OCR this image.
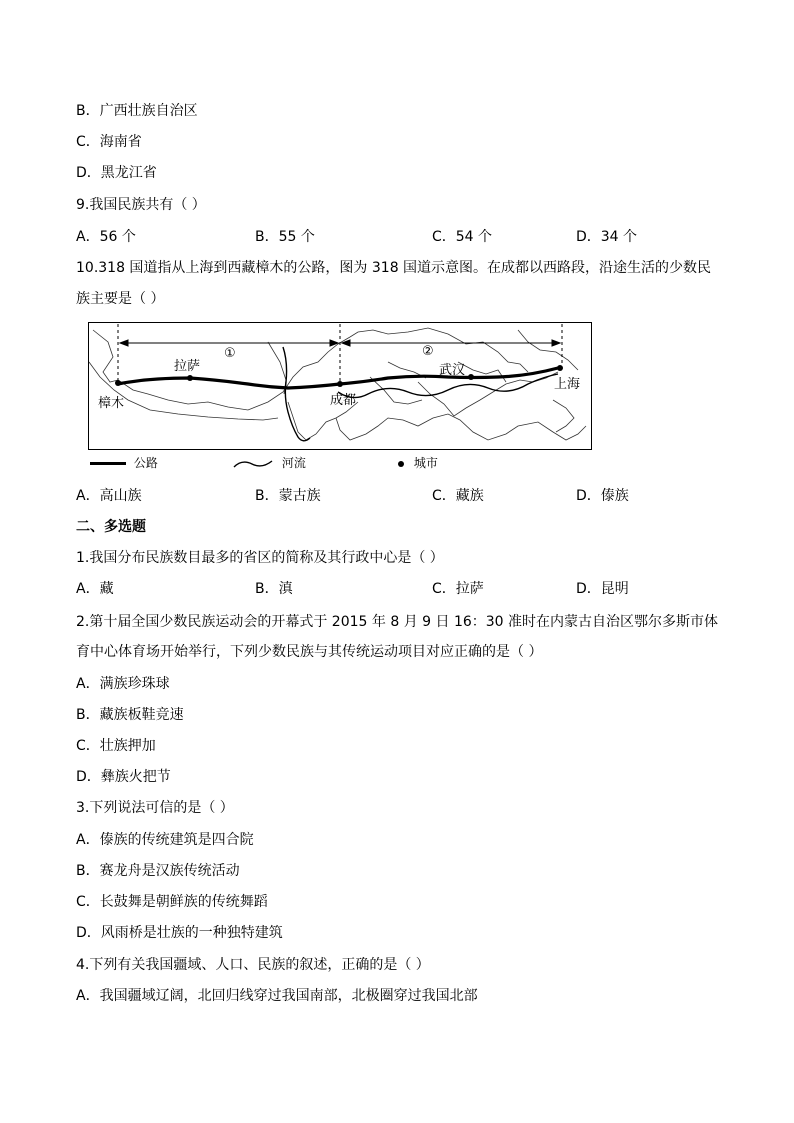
B．广西壮族自治区
C．海南省
D．黑龙江省
9.我国民族共有（ ）
A．56 个	B．55 个	C．54 个	D．34 个
10.318 国道指从上海到西藏樟木的公路，图为 318 国道示意图。在成都以西路段，沿途生活的少数民
族主要是（ ）
樟木
拉萨
成都
武汉
上海
①	②
公路	河流	城市
A．高山族	B．蒙古族	C．藏族	D．傣族
二、多选题
1.我国分布民族数目最多的省区的简称及其行政中心是（ ）
A．藏	B．滇	C．拉萨	D．昆明
2.第十届全国少数民族运动会的开幕式于 2015 年 8 月 9 日 16：30 准时在内蒙古自治区鄂尔多斯市体
育中心体育场开始举行，下列少数民族与其传统运动项目对应正确的是（ ）
A．满族珍珠球
B．藏族板鞋竞速
C．壮族押加
D．彝族火把节
3.下列说法可信的是（ ）
A．傣族的传统建筑是四合院
B．赛龙舟是汉族传统活动
C．长鼓舞是朝鲜族的传统舞蹈
D．风雨桥是壮族的一种独特建筑
4.下列有关我国疆域、人口、民族的叙述，正确的是（ ）
A．我国疆域辽阔，北回归线穿过我国南部，北极圈穿过我国北部
